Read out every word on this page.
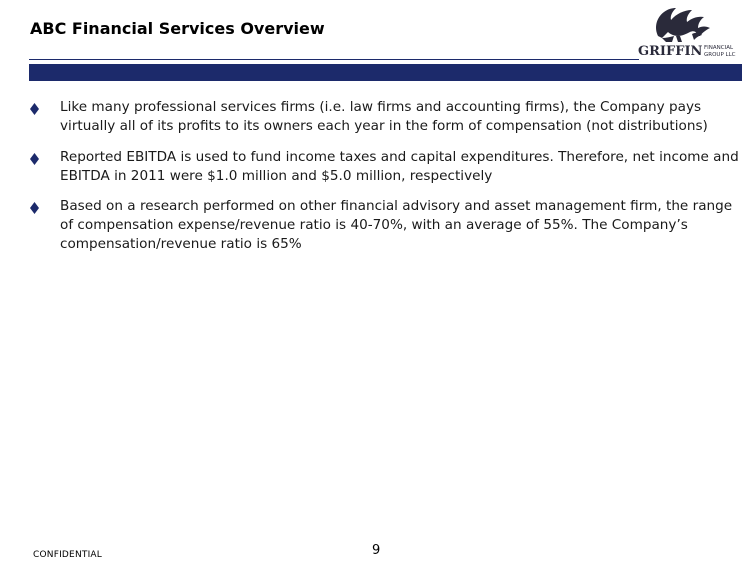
ABC Financial Services Overview
GRIFFIN FINANCIAL
GROUP LLC
Like many professional services firms (i.e. law firms and accounting firms), the Company pays virtually all of its profits to its owners each year in the form of compensation (not distributions)
Reported EBITDA is used to fund income taxes and capital expenditures. Therefore, net income and EBITDA in 2011 were $1.0 million and $5.0 million, respectively
Based on a research performed on other financial advisory and asset management firm, the range of compensation expense/revenue ratio is 40-70%, with an average of 55%. The Company’s compensation/revenue ratio is 65%
CONFIDENTIAL	9
